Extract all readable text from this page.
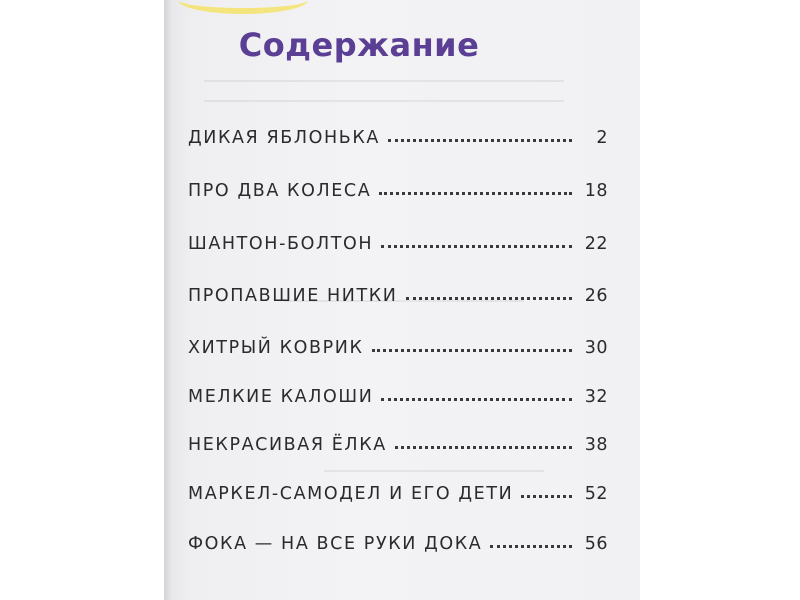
Содержание
ДИКАЯ ЯБЛОНЬКА	2
ПРО ДВА КОЛЕСА	18
ШАНТОН-БОЛТОН	22
ПРОПАВШИЕ НИТКИ	26
ХИТРЫЙ КОВРИК	30
МЕЛКИЕ КАЛОШИ	32
НЕКРАСИВАЯ ЁЛКА	38
МАРКЕЛ-САМОДЕЛ И ЕГО ДЕТИ	52
ФОКА — НА ВСЕ РУКИ ДОКА	56
